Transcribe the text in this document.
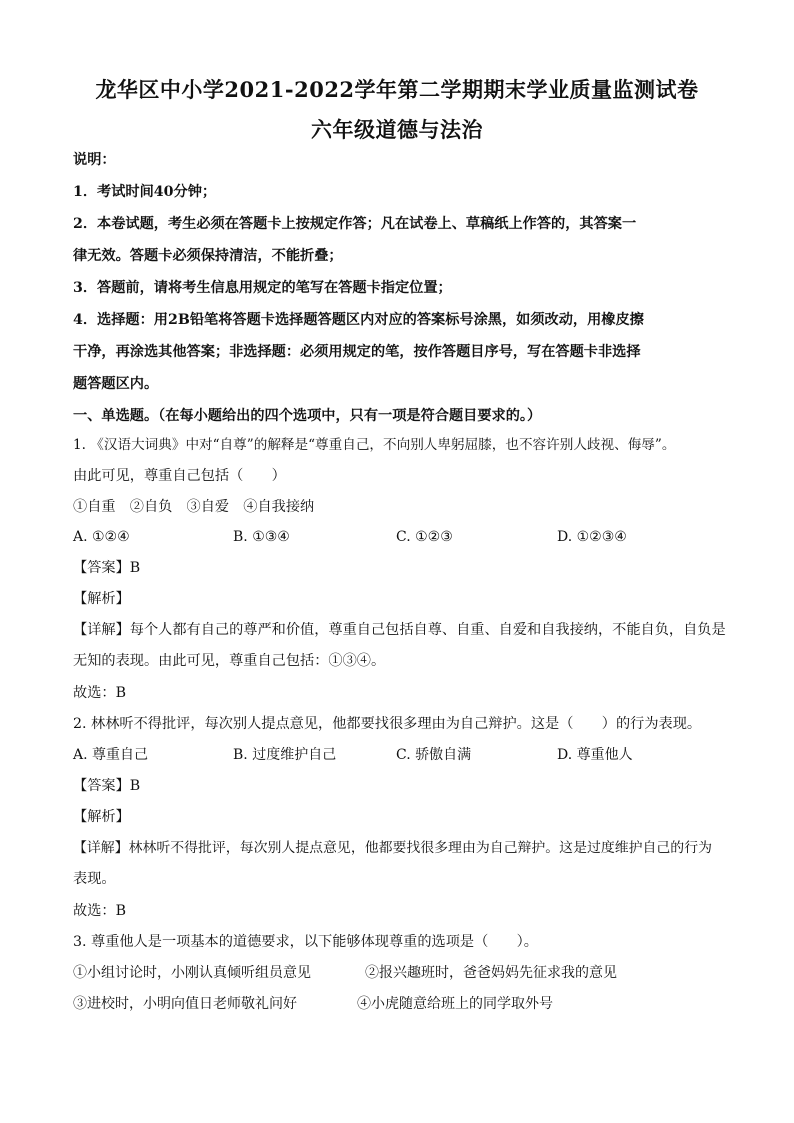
龙华区中小学2021-2022学年第二学期期末学业质量监测试卷
六年级道德与法治
说明：
1．考试时间40分钟；
2．本卷试题，考生必须在答题卡上按规定作答；凡在试卷上、草稿纸上作答的，其答案一
律无效。答题卡必须保持清洁，不能折叠；
3．答题前，请将考生信息用规定的笔写在答题卡指定位置；
4．选择题：用2B铅笔将答题卡选择题答题区内对应的答案标号涂黑，如须改动，用橡皮擦
干净，再涂选其他答案；非选择题：必须用规定的笔，按作答题目序号，写在答题卡非选择
题答题区内。
一、单选题。（在每小题给出的四个选项中，只有一项是符合题目要求的。）
1. 《汉语大词典》中对“自尊”的解释是“尊重自己，不向别人卑躬屈膝，也不容许别人歧视、侮辱”。
由此可见，尊重自己包括（　　）
①自重　②自负　③自爱　④自我接纳
A. ①②④	B. ①③④	C. ①②③	D. ①②③④
【答案】B
【解析】
【详解】每个人都有自己的尊严和价值，尊重自己包括自尊、自重、自爱和自我接纳，不能自负，自负是
无知的表现。由此可见，尊重自己包括：①③④。
故选：B
2. 林林听不得批评，每次别人提点意见，他都要找很多理由为自己辩护。这是（　　）的行为表现。
A. 尊重自己	B. 过度维护自己	C. 骄傲自满	D. 尊重他人
【答案】B
【解析】
【详解】林林听不得批评，每次别人提点意见，他都要找很多理由为自己辩护。这是过度维护自己的行为
表现。
故选：B
3. 尊重他人是一项基本的道德要求，以下能够体现尊重的选项是（　　）。
①小组讨论时，小刚认真倾听组员意见	②报兴趣班时，爸爸妈妈先征求我的意见
③进校时，小明向值日老师敬礼问好	④小虎随意给班上的同学取外号
